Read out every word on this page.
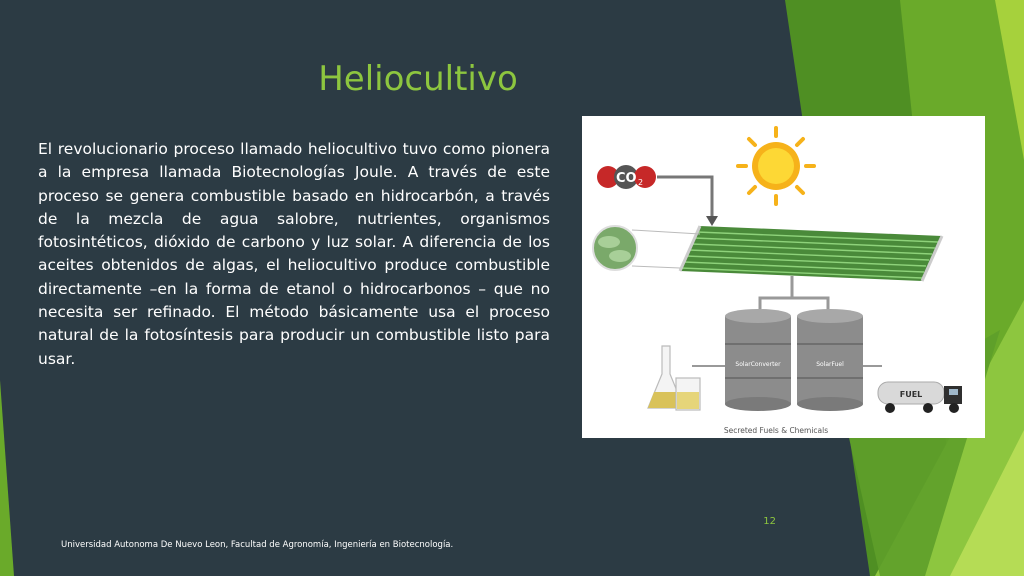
Heliocultivo

El revolucionario proceso llamado heliocultivo tuvo como pionera a la empresa llamada Biotecnologías Joule. A través de este proceso se genera combustible basado en hidrocarbón, a través de la mezcla de agua salobre, nutrientes, organismos fotosintéticos, dióxido de carbono y luz solar. A diferencia de los aceites obtenidos de algas, el heliocultivo produce combustible directamente –en la forma de etanol o hidrocarbonos – que no necesita ser refinado. El método básicamente usa el proceso natural de la fotosíntesis para producir un combustible listo para usar.

CO 2
SolarConverter	SolarFuel
FUEL
Secreted Fuels & Chemicals
12
Universidad Autonoma De Nuevo Leon, Facultad de Agronomía, Ingeniería en Biotecnología.
